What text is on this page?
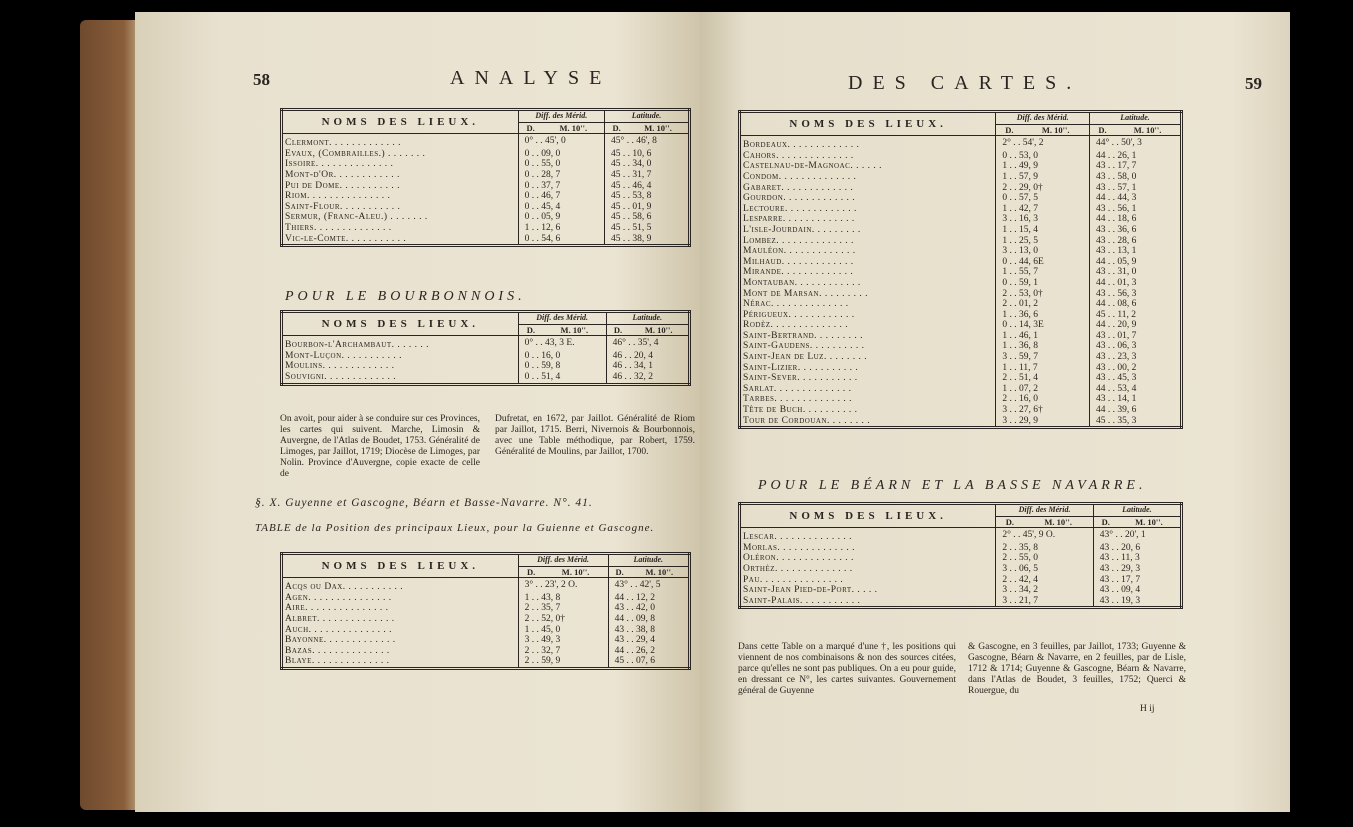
58	ANALYSE
NOMS DES LIEUX.	Diff. des Mérid.		Latitude.	
	D.	M. 10''.	D.	M. 10''.
Clermont. . . . . . . . . . . . .	0° . . 45', 0		45° . . 46', 8	
Evaux, (Combrailles.) . . . . . . .	0 . . 09, 0		45 . . 10, 6	
Issoire. . . . . . . . . . . . . .	0 . . 55, 0		45 . . 34, 0	
Mont-d'Or. . . . . . . . . . . .	0 . . 28, 7		45 . . 31, 7	
Pui de Dome. . . . . . . . . . .	0 . . 37, 7		45 . . 46, 4	
Riom. . . . . . . . . . . . . . .	0 . . 46, 7		45 . . 53, 8	
Saint-Flour. . . . . . . . . . .	0 . . 45, 4		45 . . 01, 9	
Sermur, (Franc-Aleu.) . . . . . . .	0 . . 05, 9		45 . . 58, 6	
Thiers. . . . . . . . . . . . . .	1 . . 12, 6		45 . . 51, 5	
Vic-le-Comte. . . . . . . . . . .	0 . . 54, 6		45 . . 38, 9	
POUR LE BOURBONNOIS.
NOMS DES LIEUX.	Diff. des Mérid.		Latitude.	
	D.	M. 10''.	D.	M. 10''.
Bourbon-l'Archambaut. . . . . . .	0° . . 43, 3 E.		46° . . 35', 4	
Mont-Luçon. . . . . . . . . . .	0 . . 16, 0		46 . . 20, 4	
Moulins. . . . . . . . . . . . .	0 . . 59, 8		46 . . 34, 1	
Souvigni. . . . . . . . . . . . .	0 . . 51, 4		46 . . 32, 2	
On avoit, pour aider à se conduire sur ces Provinces, les cartes qui suivent. Marche, Limosin & Auvergne, de l'Atlas de Boudet, 1753. Généralité de Limoges, par Jaillot, 1719; Diocèse de Limoges, par Nolin. Province d'Auvergne, copie exacte de celle de
Dufretat, en 1672, par Jaillot. Généralité de Riom par Jaillot, 1715. Berri, Nivernois & Bourbonnois, avec une Table méthodique, par Robert, 1759. Généralité de Moulins, par Jaillot, 1700.
§. X. Guyenne et Gascogne, Béarn et Basse-Navarre. N°. 41.
TABLE de la Position des principaux Lieux, pour la Guienne et Gascogne.
NOMS DES LIEUX.	Diff. des Mérid.		Latitude.	
	D.	M. 10''.	D.	M. 10''.
Acqs ou Dax. . . . . . . . . . .	3° . . 23', 2 O.		43° . . 42', 5	
Agen. . . . . . . . . . . . . . .	1 . . 43, 8		44 . . 12, 2	
Aire. . . . . . . . . . . . . . .	2 . . 35, 7		43 . . 42, 0	
Albret. . . . . . . . . . . . . .	2 . . 52, 0†		44 . . 09, 8	
Auch. . . . . . . . . . . . . . .	1 . . 45, 0		43 . . 38, 8	
Bayonne. . . . . . . . . . . . .	3 . . 49, 3		43 . . 29, 4	
Bazas. . . . . . . . . . . . . .	2 . . 32, 7		44 . . 26, 2	
Blaye. . . . . . . . . . . . . .	2 . . 59, 9		45 . . 07, 6	
DES CARTES.	59
NOMS DES LIEUX.	Diff. des Mérid.		Latitude.	
	D.	M. 10''.	D.	M. 10''.
Bordeaux. . . . . . . . . . . . .	2° . . 54', 2		44° . . 50', 3	
Cahors. . . . . . . . . . . . . .	0 . . 53, 0		44 . . 26, 1	
Castelnau-de-Magnoac. . . . . .	1 . . 49, 9		43 . . 17, 7	
Condom. . . . . . . . . . . . . .	1 . . 57, 9		43 . . 58, 0	
Gabaret. . . . . . . . . . . . .	2 . . 29, 0†		43 . . 57, 1	
Gourdon. . . . . . . . . . . . .	0 . . 57, 5		44 . . 44, 3	
Lectoure. . . . . . . . . . . . .	1 . . 42, 7		43 . . 56, 1	
Lesparre. . . . . . . . . . . . .	3 . . 16, 3		44 . . 18, 6	
L'isle-Jourdain. . . . . . . . .	1 . . 15, 4		43 . . 36, 6	
Lombez. . . . . . . . . . . . . .	1 . . 25, 5		43 . . 28, 6	
Mauléon. . . . . . . . . . . . .	3 . . 13, 0		43 . . 13, 1	
Milhaud. . . . . . . . . . . . .	0 . . 44, 6E		44 . . 05, 9	
Mirande. . . . . . . . . . . . .	1 . . 55, 7		43 . . 31, 0	
Montauban. . . . . . . . . . . .	0 . . 59, 1		44 . . 01, 3	
Mont de Marsan. . . . . . . . .	2 . . 53, 0†		43 . . 56, 3	
Nérac. . . . . . . . . . . . . .	2 . . 01, 2		44 . . 08, 6	
Périgueux. . . . . . . . . . . .	1 . . 36, 6		45 . . 11, 2	
Rodèz. . . . . . . . . . . . . .	0 . . 14, 3E		44 . . 20, 9	
Saint-Bertrand. . . . . . . . .	1 . . 46, 1		43 . . 01, 7	
Saint-Gaudens. . . . . . . . . .	1 . . 36, 8		43 . . 06, 3	
Saint-Jean de Luz. . . . . . . .	3 . . 59, 7		43 . . 23, 3	
Saint-Lizier. . . . . . . . . . .	1 . . 11, 7		43 . . 00, 2	
Saint-Sever. . . . . . . . . . .	2 . . 51, 4		43 . . 45, 3	
Sarlat. . . . . . . . . . . . . .	1 . . 07, 2		44 . . 53, 4	
Tarbes. . . . . . . . . . . . . .	2 . . 16, 0		43 . . 14, 1	
Tête de Buch. . . . . . . . . .	3 . . 27, 6†		44 . . 39, 6	
Tour de Cordouan. . . . . . . .	3 . . 29, 9		45 . . 35, 3	
POUR LE BÉARN ET LA BASSE NAVARRE.
NOMS DES LIEUX.	Diff. des Mérid.		Latitude.	
	D.	M. 10''.	D.	M. 10''.
Lescar. . . . . . . . . . . . . .	2° . . 45', 9 O.		43° . . 20', 1	
Morlas. . . . . . . . . . . . . .	2 . . 35, 8		43 . . 20, 6	
Oléron. . . . . . . . . . . . . .	2 . . 55, 0		43 . . 11, 3	
Orthèz. . . . . . . . . . . . . .	3 . . 06, 5		43 . . 29, 3	
Pau. . . . . . . . . . . . . . .	2 . . 42, 4		43 . . 17, 7	
Saint-Jean Pied-de-Port. . . . .	3 . . 34, 2		43 . . 09, 4	
Saint-Palais. . . . . . . . . . .	3 . . 21, 7		43 . . 19, 3	
Dans cette Table on a marqué d'une †, les positions qui viennent de nos combinaisons & non des sources citées, parce qu'elles ne sont pas publiques. On a eu pour guide, en dressant ce N°, les cartes suivantes. Gouvernement général de Guyenne
& Gascogne, en 3 feuilles, par Jaillot, 1733; Guyenne & Gascogne, Béarn & Navarre, en 2 feuilles, par de Lisle, 1712 & 1714; Guyenne & Gascogne, Béarn & Navarre, dans l'Atlas de Boudet, 3 feuilles, 1752; Querci & Rouergue, du
H ij
